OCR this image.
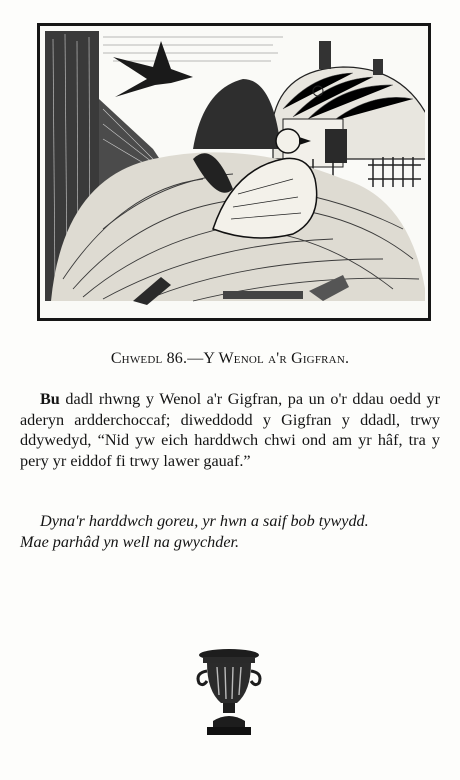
Chwedl 86.—Y Wenol a'r Gigfran.
Bu dadl rhwng y Wenol a'r Gigfran, pa un o'r ddau oedd yr aderyn ardderchoccaf; diweddodd y Gigfran y ddadl, trwy ddywedyd, “Nid yw eich harddwch chwi ond am yr hâf, tra y pery yr eiddof fi trwy lawer gauaf.”
Dyna'r harddwch goreu, yr hwn a saif bob tywydd.
Mae parhâd yn well na gwychder.
